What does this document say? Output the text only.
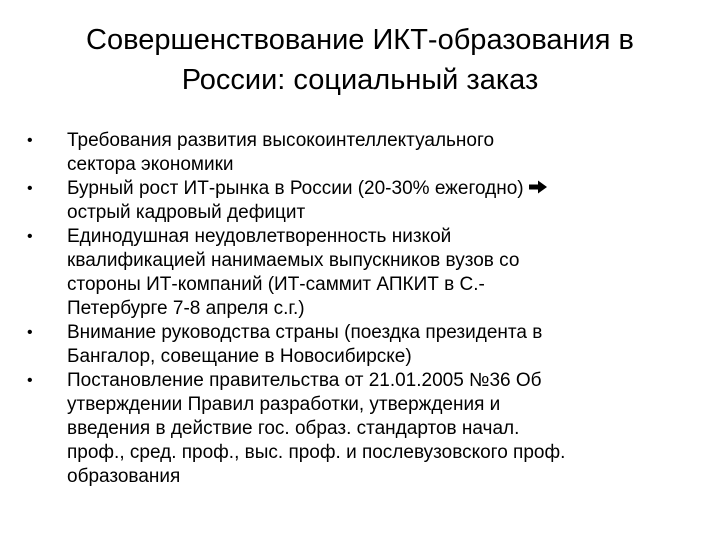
Совершенствование ИКТ-образования в
России: социальный заказ
• Требования развития высокоинтеллектуального
сектора экономики
• Бурный рост ИТ-рынка в России (20-30% ежегодно)
острый кадровый дефицит
• Единодушная неудовлетворенность низкой
квалификацией нанимаемых выпускников вузов со
стороны ИТ-компаний (ИТ-саммит АПКИТ в С.-
Петербурге 7-8 апреля с.г.)
• Внимание руководства страны (поездка президента в
Бангалор, совещание в Новосибирске)
• Постановление правительства от 21.01.2005 №36 Об
утверждении Правил разработки, утверждения и
введения в действие гос. образ. стандартов начал.
проф., сред. проф., выс. проф. и послевузовского проф.
образования
